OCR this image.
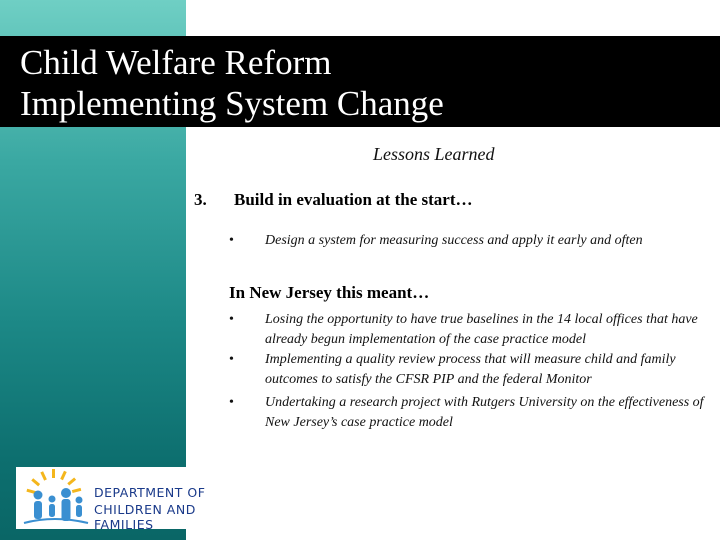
Child Welfare Reform
Implementing System Change
Lessons Learned
3. Build in evaluation at the start…
• Design a system for measuring success and apply it early and often
In New Jersey this meant…
• Losing the opportunity to have true baselines in the 14 local offices that have already begun implementation of the case practice model
• Implementing a quality review process that will measure child and family outcomes to satisfy the CFSR PIP and the federal Monitor
• Undertaking a research project with Rutgers University on the effectiveness of New Jersey’s case practice model
DEPARTMENT OF
CHILDREN AND FAMILIES
